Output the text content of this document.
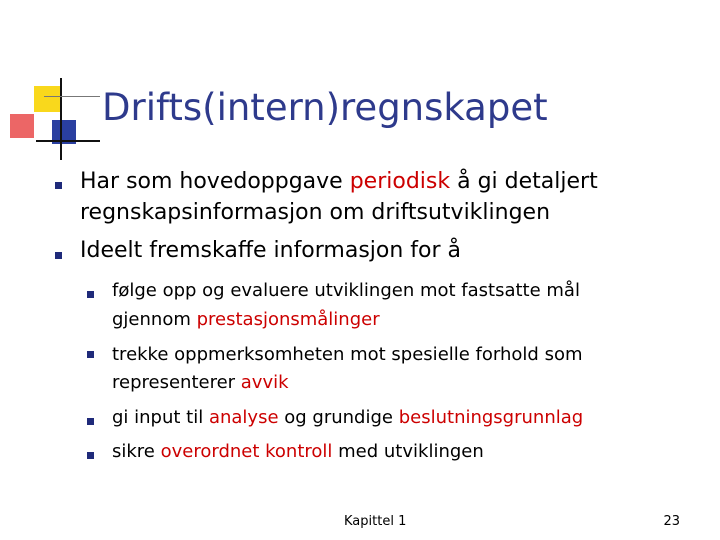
Drifts(intern)regnskapet
Har som hovedoppgave periodisk å gi detaljert
regnskapsinformasjon om driftsutviklingen
Ideelt fremskaffe informasjon for å
følge opp og evaluere utviklingen mot fastsatte mål
gjennom prestasjonsmålinger
trekke oppmerksomheten mot spesielle forhold som
representerer avvik
gi input til analyse og grundige beslutningsgrunnlag
sikre overordnet kontroll med utviklingen
Kapittel 1	23
